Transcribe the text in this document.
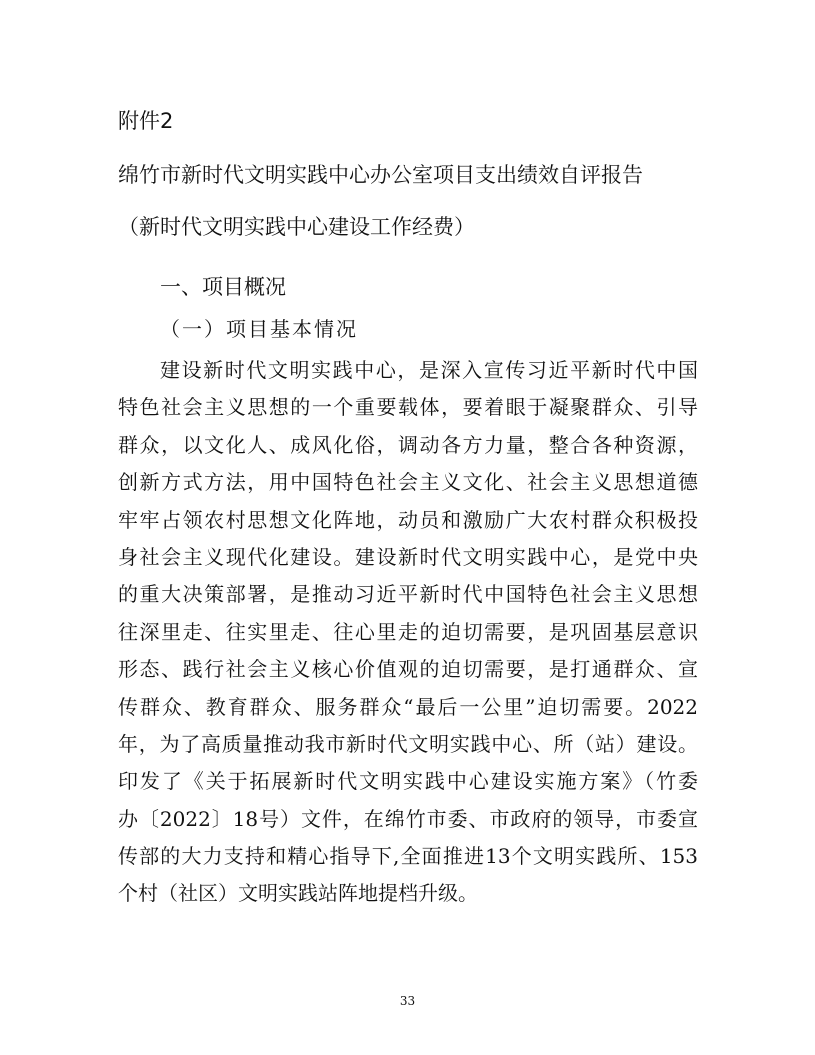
附件2
绵竹市新时代文明实践中心办公室项目支出绩效自评报告
（新时代文明实践中心建设工作经费）
一、项目概况
（一）项目基本情况
建设新时代文明实践中心，是深入宣传习近平新时代中国
特色社会主义思想的一个重要载体，要着眼于凝聚群众、引导
群众，以文化人、成风化俗，调动各方力量，整合各种资源，
创新方式方法，用中国特色社会主义文化、社会主义思想道德
牢牢占领农村思想文化阵地，动员和激励广大农村群众积极投
身社会主义现代化建设。建设新时代文明实践中心，是党中央
的重大决策部署，是推动习近平新时代中国特色社会主义思想
往深里走、往实里走、往心里走的迫切需要，是巩固基层意识
形态、践行社会主义核心价值观的迫切需要，是打通群众、宣
传群众、教育群众、服务群众“最后一公里”迫切需要。2022
年，为了高质量推动我市新时代文明实践中心、所（站）建设。
印发了《关于拓展新时代文明实践中心建设实施方案》（竹委
办〔2022〕18号）文件，在绵竹市委、市政府的领导，市委宣
传部的大力支持和精心指导下,全面推进13个文明实践所、153
个村（社区）文明实践站阵地提档升级。
33
